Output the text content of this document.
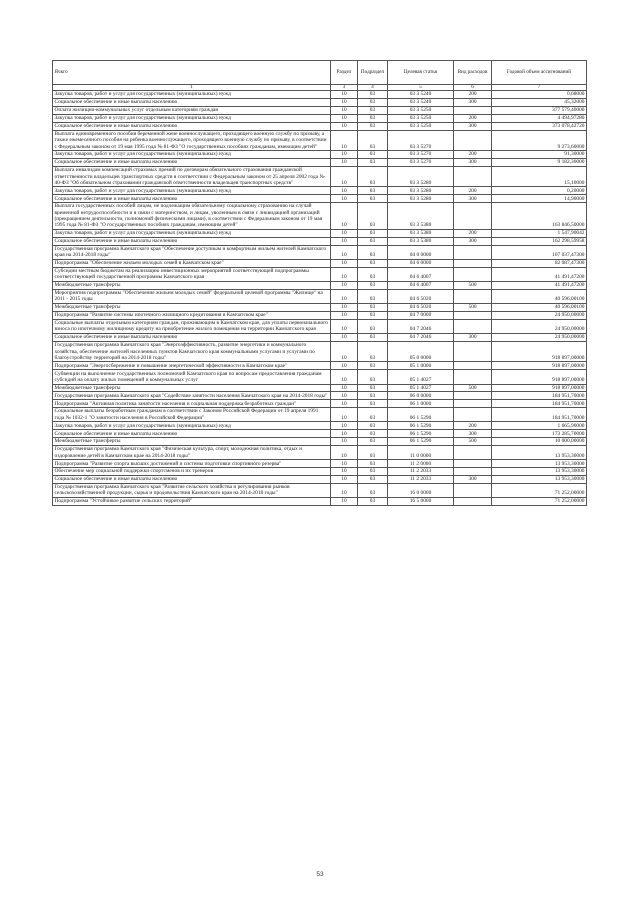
Ячкго	Раздел	Подраздел	Целевая статья	Вид расходов	Годовой объем ассигнований
1	3	4	5	6	7
Закупка товаров, работ и услуг для государственных (муниципальных) нужд	10	03	03 3 5240	200	0,68000
Социальное обеспечение и иные выплаты населению	10	03	03 3 5240	300	45,32000
Оплата жилищно-коммунальных услуг отдельным категориям граждан	10	03	03 3 5250		377 579,40000
Закупка товаров, работ и услуг для государственных (муниципальных) нужд	10	03	03 3 5250	200	4 494,97280
Социальное обеспечение и иные выплаты населению	10	03	03 3 5250	300	373 078,42720
Выплата единовременного пособия беременной жене военнослужащего, проходящего военную службу по призыву, а также ежемесячного пособия на ребенка военнослужащего, проходящего военную службу по призыву, в соответствии с Федеральным законом от 19 мая 1995 года № 81-ФЗ "О государственных пособиях гражданам, имеющим детей"	10	03	03 3 5270		9 273,60000
Закупка товаров, работ и услуг для государственных (муниципальных) нужд	10	03	03 3 5270	200	91,30000
Социальное обеспечение и иные выплаты населению	10	03	03 3 5270	300	9 182,30000
Выплата инвалидам компенсаций страховых премий по договорам обязательного страхования гражданской ответственности владельцев транспортных средств в соответствии с Федеральным законом от 25 апреля 2002 года № 40-ФЗ "Об обязательном страховании гражданской ответственности владельцев транспортных средств"	10	03	03 3 5280		15,10000
Закупка товаров, работ и услуг для государственных (муниципальных) нужд	10	03	03 3 5280	200	0,20000
Социальное обеспечение и иные выплаты населению	10	03	03 3 5280	300	14,90000
Выплата государственных пособий лицам, не подлежащим обязательному социальному страхованию на случай временной нетрудоспособности и в связи с материнством, и лицам, уволенным в связи с ликвидацией организаций (прекращением деятельности, полномочий физическими лицами), в соответствии с Федеральным законом от 19 мая 1995 года № 81-ФЗ "О государственных пособиях гражданам, имеющим детей"	10	03	03 3 5380		163 846,50000
Закупка товаров, работ и услуг для государственных (муниципальных) нужд	10	03	03 3 5380	200	1 547,90042
Социальное обеспечение и иные выплаты населению	10	03	03 3 5380	300	162 298,59958
Государственная программа Камчатского края "Обеспечение доступным и комфортным жильем жителей Камчатского края на 2014-2018 годы"	10	03	04 0 0000		107 037,47300
Подпрограмма "Обеспечение жильем молодых семей в Камчатском крае"	10	03	04 6 0000		82 087,47300
Субсидии местным бюджетам на реализацию инвестиционных мероприятий соответствующей подпрограммы соответствующей государственной программы Камчатского края	10	03	04 6 4007		41 491,47200
Межбюджетные трансферты	10	03	04 6 4007	500	41 491,47200
Мероприятия подпрограммы "Обеспечение жильем молодых семей" федеральной целевой программы "Жилище" на 2011 - 2015 годы	10	03	04 6 5020		40 596,00100
Межбюджетные трансферты	10	03	04 6 5020	500	40 596,00100
Подпрограмма "Развитие системы ипотечного жилищного кредитования в Камчатском крае"	10	03	04 7 0000		24 950,00000
Социальные выплаты отдельным категориям граждан, проживающим в Камчатском крае, для уплаты первоначального взноса по ипотечному жилищному кредиту на приобретение жилого помещения на территории Камчатского края	10	03	04 7 2046		24 950,00000
Социальное обеспечение и иные выплаты населению	10	03	04 7 2046	300	24 950,00000
Государственная программа Камчатского края "Энергоэффективность, развитие энергетики и коммунального хозяйства, обеспечение жителей населенных пунктов Камчатского края коммунальными услугами и услугами по благоустройству территорий на 2014-2018 годы"	10	03	05 0 0000		918 897,00000
Подпрограмма "Энергосбережение и повышение энергетической эффективности в Камчатском крае"	10	03	05 1 0000		918 897,00000
Субвенции на выполнение государственных полномочий Камчатского края по вопросам предоставления гражданам субсидий на оплату жилых помещений и коммунальных услуг	10	03	05 1 4027		918 897,00000
Межбюджетные трансферты	10	03	05 1 4027	500	918 897,00000
Государственная программа Камчатского края "Содействие занятости населения Камчатского края на 2014-2018 годы"	10	03	06 0 0000		184 951,70000
Подпрограмма "Активная политика занятости населения и социальная поддержка безработных граждан"	10	03	06 1 0000		184 951,70000
Социальные выплаты безработным гражданам в соответствии с Законом Российской Федерации от 19 апреля 1991 года № 1032-1 "О занятости населения в Российской Федерации"	10	03	06 1 5290		184 951,70000
Закупка товаров, работ и услуг для государственных (муниципальных) нужд	10	03	06 1 5290	200	1 665,90000
Социальное обеспечение и иные выплаты населению	10	03	06 1 5290	300	173 285,70000
Межбюджетные трансферты	10	03	06 1 5290	500	10 000,00000
Государственная программа Камчатского края "Физическая культура, спорт, молодежная политика, отдых и оздоровление детей в Камчатском крае на 2014-2018 годы"	10	03	11 0 0000		13 953,30000
Подпрограмма "Развитие спорта высших достижений и системы подготовки спортивного резерва"	10	03	11 2 0000		13 953,30000
Обеспечение мер социальной поддержки спортсменов и их тренеров	10	03	11 2 2033		13 953,30000
Социальное обеспечение и иные выплаты населению	10	03	11 2 2033	300	13 953,30000
Государственная программа Камчатского края "Развитие сельского хозяйства и регулирования рынков сельскохозяйственной продукции, сырья и продовольствия Камчатского края на 2014-2018 годы"	10	03	16 0 0000		71 252,00000
Подпрограмма "Устойчивое развитие сельских территорий"	10	03	16 5 0000		71 252,00000
53
